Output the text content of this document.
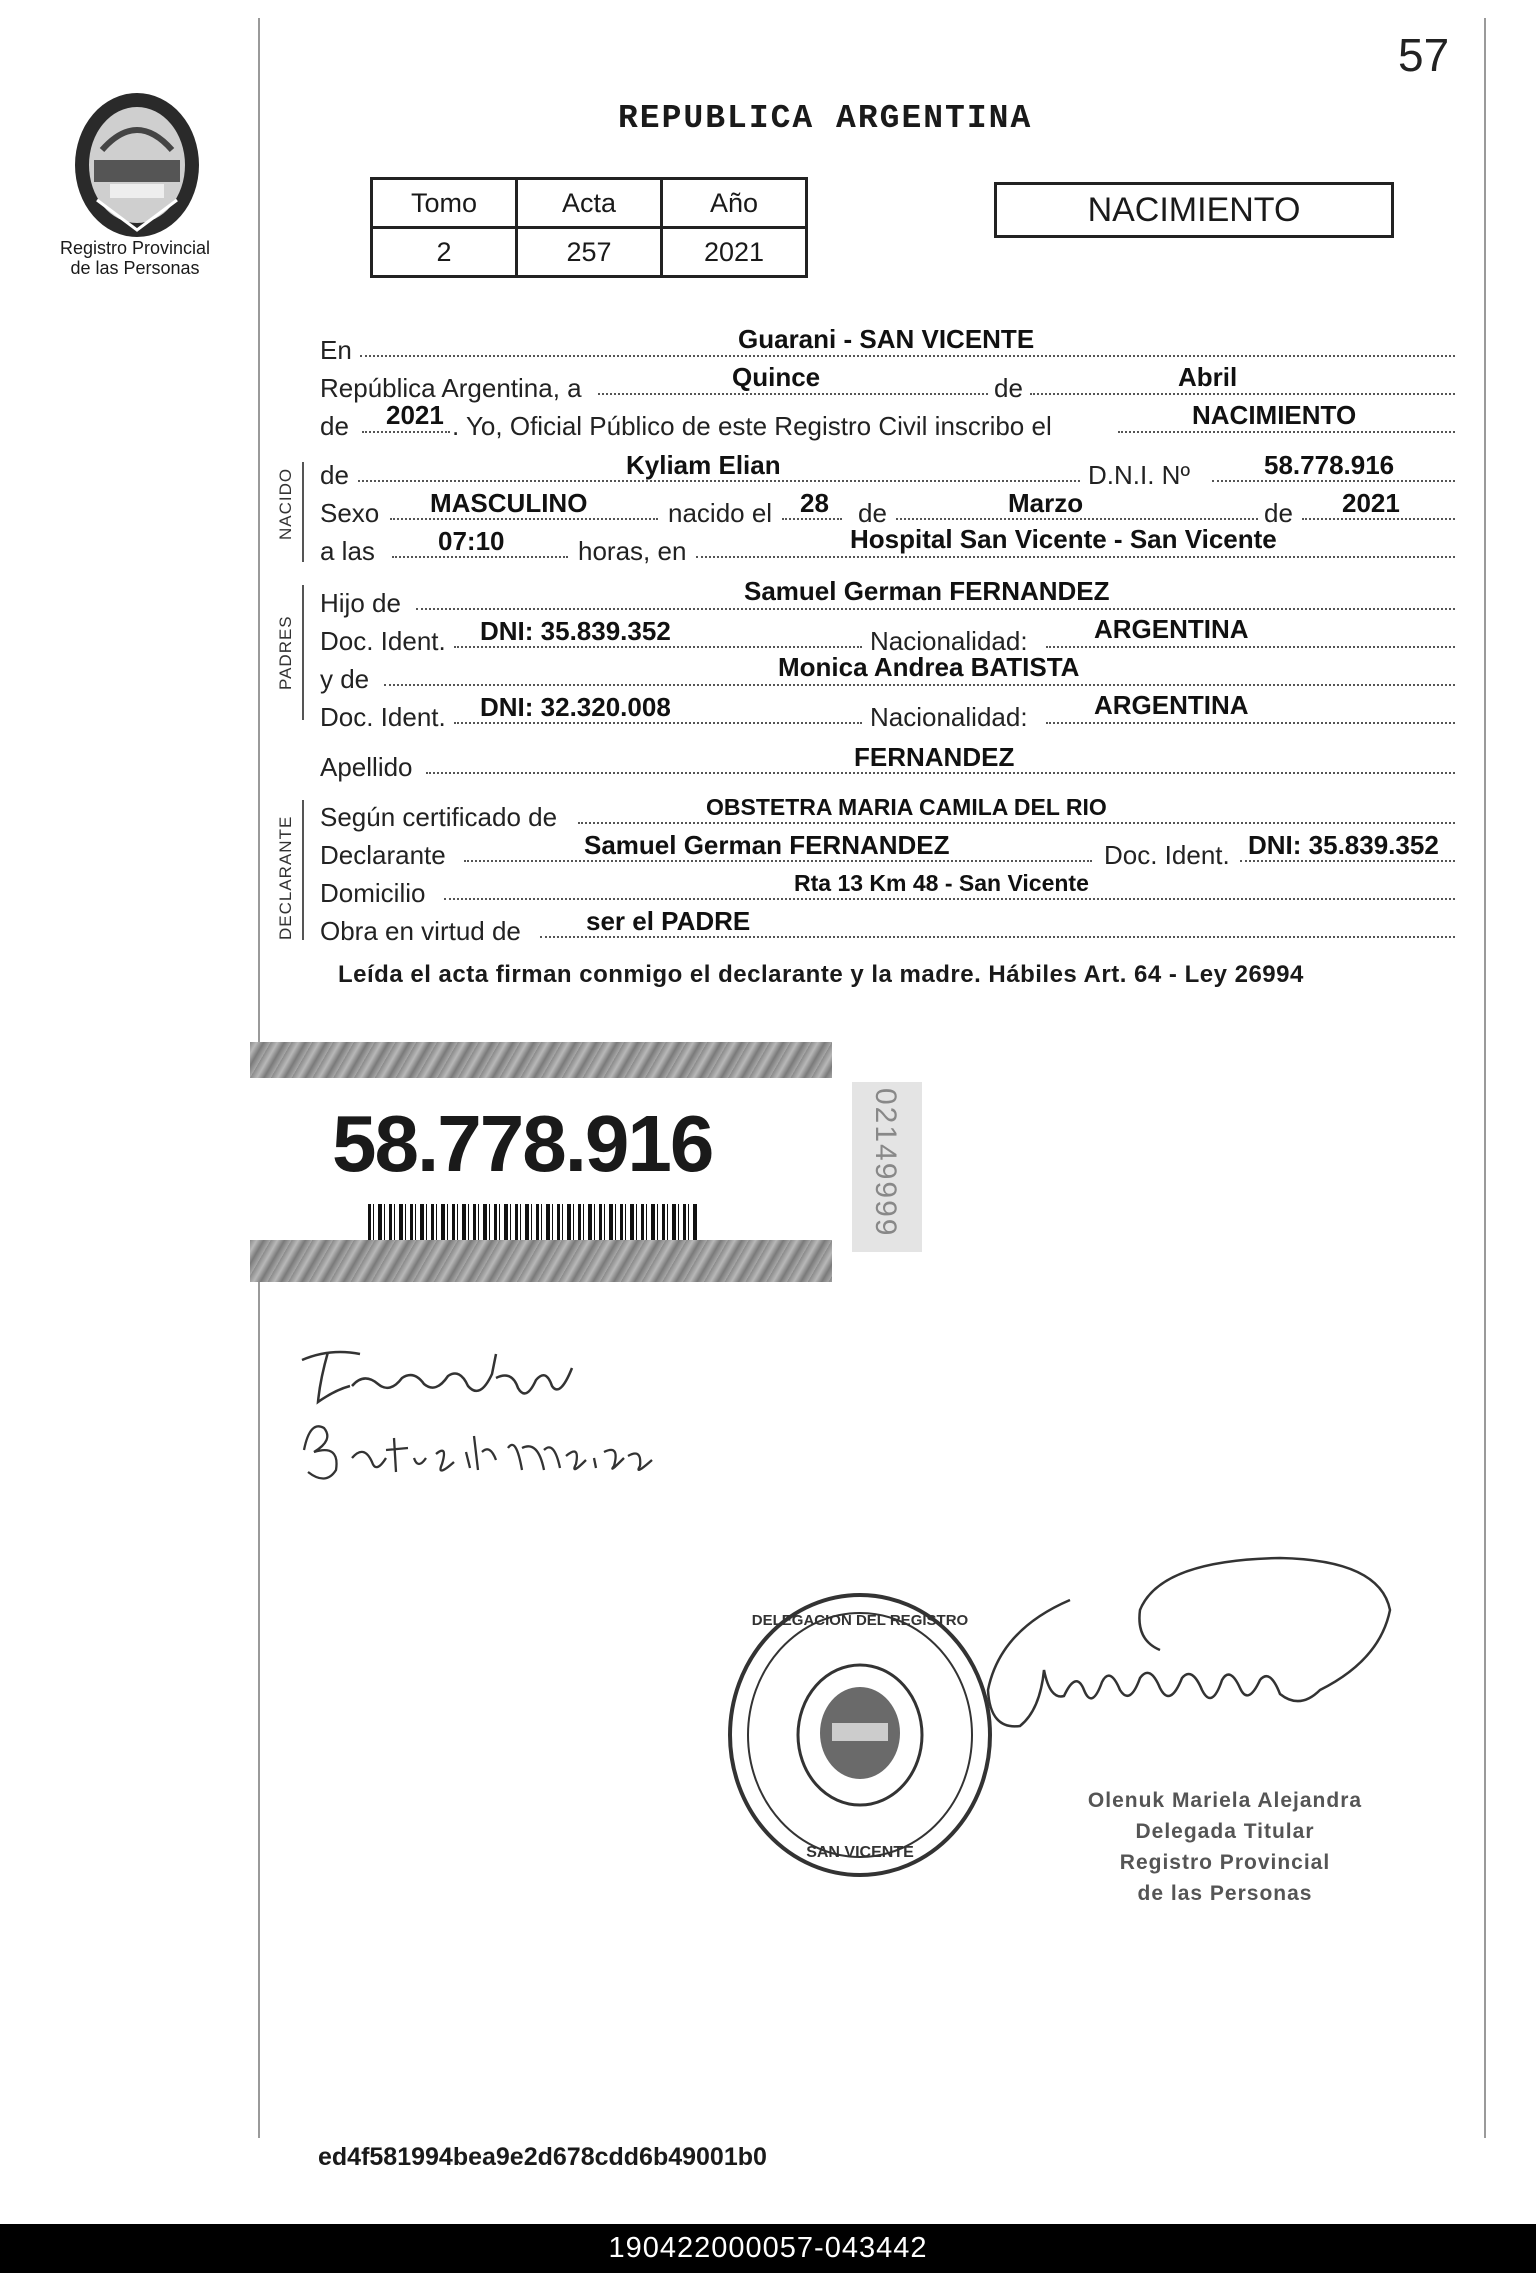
57
Registro Provincial
de las Personas
REPUBLICA ARGENTINA
Tomo	Acta	Año
2	257	2021
NACIMIENTO
En	Guarani - SAN VICENTE
República Argentina, a	Quince	de	Abril
de 2021 . Yo, Oficial Público de este Registro Civil inscribo el	NACIMIENTO
NACIDO de	Kyliam Elian	D.N.I. Nº	58.778.916
Sexo MASCULINO	nacido el 28 de	Marzo	de 2021
a las 07:10	horas, en	Hospital San Vicente - San Vicente
PADRES
Hijo de	Samuel German FERNANDEZ
Doc. Ident. DNI: 35.839.352	Nacionalidad:	ARGENTINA
y de	Monica Andrea BATISTA
Doc. Ident. DNI: 32.320.008	Nacionalidad:	ARGENTINA
Apellido	FERNANDEZ
DECLARANTE Según certificado de	OBSTETRA MARIA CAMILA DEL RIO
Declarante	Samuel German FERNANDEZ	Doc. Ident. DNI: 35.839.352
Domicilio	Rta 13 Km 48 - San Vicente
Obra en virtud de	ser el PADRE
Leída el acta firman conmigo el declarante y la madre. Hábiles Art. 64 - Ley 26994
58.778.916	02149999
DELEGACION DEL REGISTRO
SAN VICENTE
Olenuk Mariela Alejandra
Delegada Titular
Registro Provincial
de las Personas
ed4f581994bea9e2d678cdd6b49001b0
190422000057-043442
